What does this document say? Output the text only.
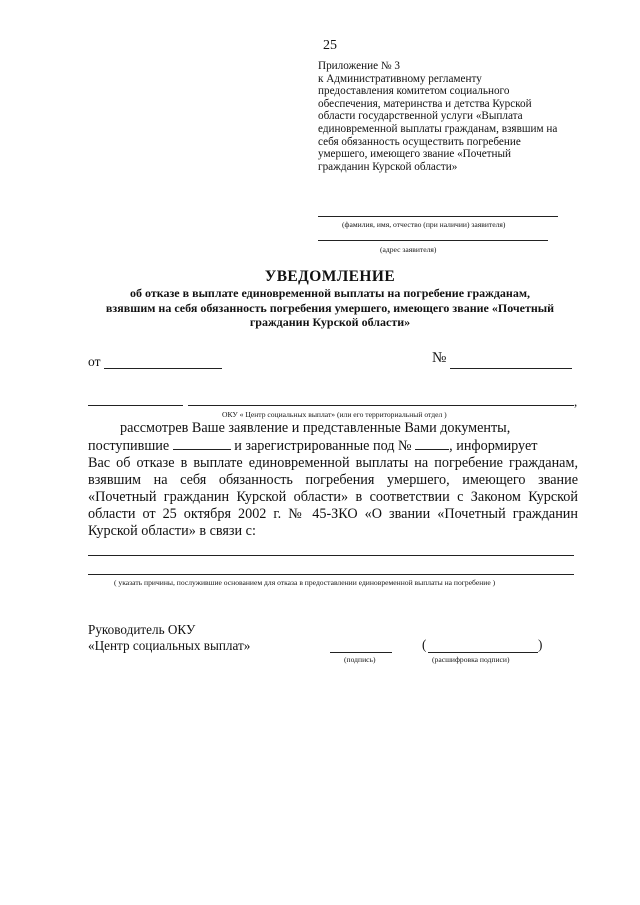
25
Приложение № 3
к Административному регламенту
предоставления комитетом социального
обеспечения, материнства и детства Курской
области государственной услуги «Выплата
единовременной выплаты гражданам, взявшим на
себя обязанность осуществить погребение
умершего, имеющего звание «Почетный
гражданин Курской области»
(фамилия, имя, отчество (при наличии) заявителя)
(адрес заявителя)
УВЕДОМЛЕНИЕ
об отказе в выплате единовременной выплаты на погребение гражданам,
взявшим на себя обязанность погребения умершего, имеющего звание «Почетный
гражданин Курской области»
от	№
,
ОКУ « Центр социальных выплат» (или его территориальный отдел )
рассмотрев Ваше заявление и представленные Вами документы,
поступившие	и зарегистрированные под №	, информирует
Вас об отказе в выплате единовременной выплаты на погребение гражданам, взявшим на себя обязанность погребения умершего, имеющего звание «Почетный гражданин Курской области» в соответствии с Законом Курской области от 25 октября 2002 г. № 45-ЗКО «О звании «Почетный гражданин Курской области» в связи с:
( указать причины, послужившие основанием для отказа в предоставлении единовременной выплаты на погребение )
Руководитель ОКУ
«Центр социальных выплат»
(подпись)
(	)
(расшифровка подписи)
